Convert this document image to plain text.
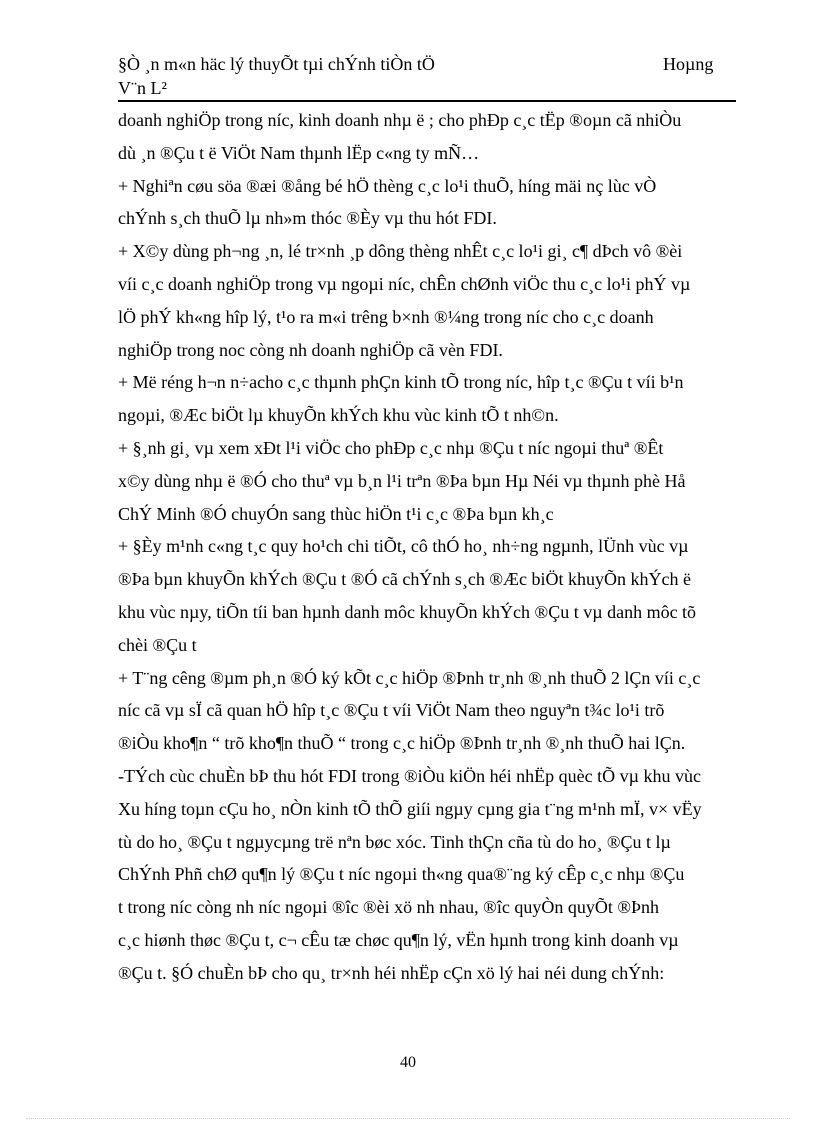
§Ò ¸n m«n häc lý thuyÕt tµi chÝnh tiÒn tÖ	Hoµng
V¨n L²
doanh nghiÖp trong níc, kinh doanh nhµ ë ; cho phÐp c¸c tËp ®oµn cã nhiÒu
dù ¸n ®Çu t ë ViÖt Nam thµnh lËp c«ng ty mÑ…
+ Nghiªn cøu söa ®æi ®ång bé hÖ thèng c¸c lo¹i thuÕ, híng mäi nç lùc vÒ
chÝnh s¸ch thuÕ lµ nh»m thóc ®Èy vµ thu hót FDI.
+ X©y dùng ph¬ng ¸n, lé tr×nh ¸p dông thèng nhÊt c¸c lo¹i gi¸ c¶ dÞch vô ®èi
víi c¸c doanh nghiÖp trong vµ ngoµi níc, chÊn chØnh viÖc thu c¸c lo¹i phÝ vµ
lÖ phÝ kh«ng hîp lý, t¹o ra m«i trêng b×nh ®¼ng trong níc cho c¸c doanh
nghiÖp trong noc còng nh doanh nghiÖp cã vèn FDI.
+ Më réng h¬n n÷acho c¸c thµnh phÇn kinh tÕ trong níc, hîp t¸c ®Çu t víi b¹n
ngoµi, ®Æc biÖt lµ khuyÕn khÝch khu vùc kinh tÕ t nh©n.
+ §¸nh gi¸ vµ xem xÐt l¹i viÖc cho phÐp c¸c nhµ ®Çu t níc ngoµi thuª ®Êt
x©y dùng nhµ ë ®Ó cho thuª vµ b¸n l¹i trªn ®Þa bµn Hµ Néi vµ thµnh phè Hå
ChÝ Minh ®Ó chuyÓn sang thùc hiÖn t¹i c¸c ®Þa bµn kh¸c
+ §Èy m¹nh c«ng t¸c quy ho¹ch chi tiÕt, cô thÓ ho¸ nh÷ng ngµnh, lÜnh vùc vµ
®Þa bµn khuyÕn khÝch ®Çu t ®Ó cã chÝnh s¸ch ®Æc biÖt khuyÕn khÝch ë
khu vùc nµy, tiÕn tíi ban hµnh danh môc khuyÕn khÝch ®Çu t vµ danh môc tõ
chèi ®Çu t
+ T¨ng cêng ®µm ph¸n ®Ó ký kÕt c¸c hiÖp ®Þnh tr¸nh ®¸nh thuÕ 2 lÇn víi c¸c
níc cã vµ sÏ cã quan hÖ hîp t¸c ®Çu t víi ViÖt Nam theo nguyªn t¾c lo¹i trõ
®iÒu kho¶n “ trõ kho¶n thuÕ “ trong c¸c hiÖp ®Þnh tr¸nh ®¸nh thuÕ hai lÇn.
-TÝch cùc chuÈn bÞ thu hót FDI trong ®iÒu kiÖn héi nhËp quèc tÕ vµ khu vùc
Xu híng toµn cÇu ho¸ nÒn kinh tÕ thÕ giíi ngµy cµng gia t¨ng m¹nh mÏ, v× vËy
tù do ho¸ ®Çu t ngµycµng trë nªn bøc xóc. Tinh thÇn cña tù do ho¸ ®Çu t lµ
ChÝnh Phñ chØ qu¶n lý ®Çu t níc ngoµi th«ng qua®¨ng ký cÊp c¸c nhµ ®Çu
t trong níc còng nh níc ngoµi ®îc ®èi xö nh nhau, ®îc quyÒn quyÕt ®Þnh
c¸c hiønh thøc ®Çu t, c¬ cÊu tæ chøc qu¶n lý, vËn hµnh trong kinh doanh vµ
®Çu t. §Ó chuÈn bÞ cho qu¸ tr×nh héi nhËp cÇn xö lý hai néi dung chÝnh:
40
